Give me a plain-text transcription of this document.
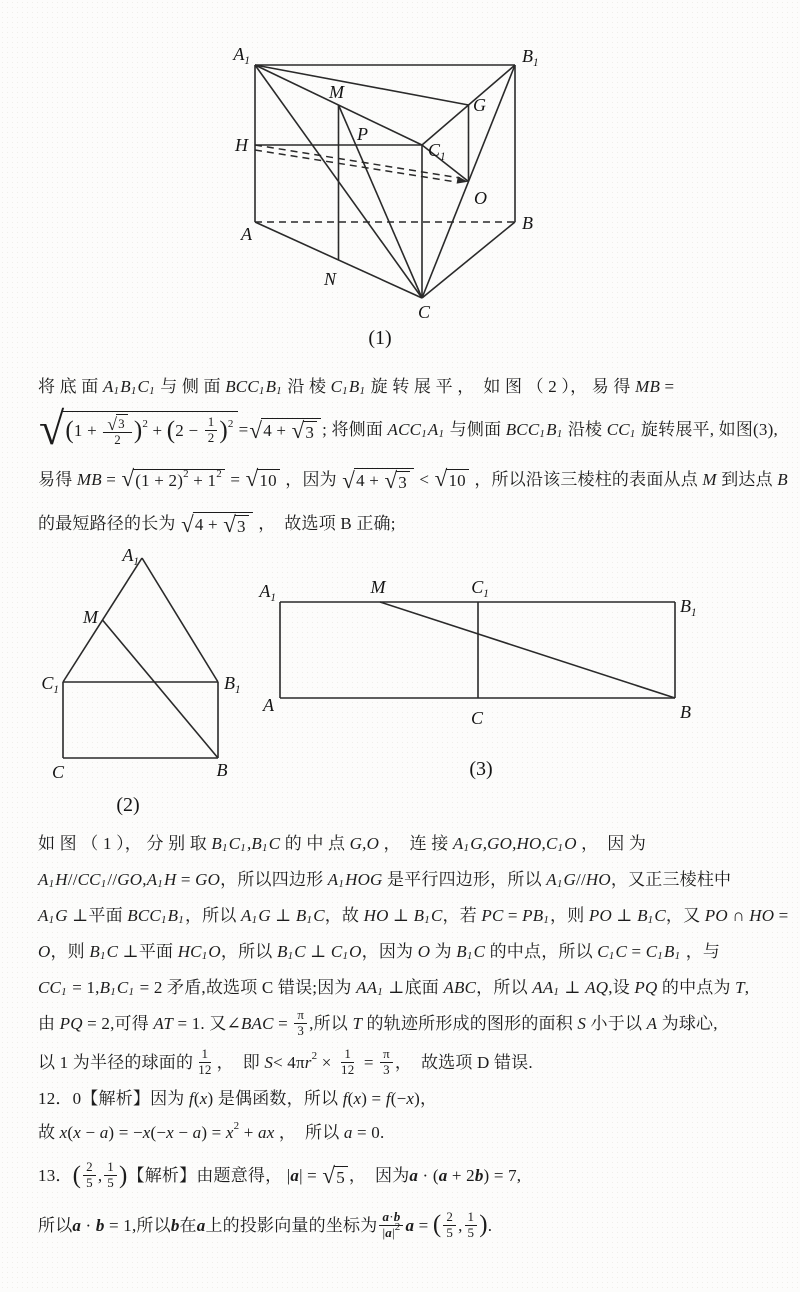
$A_1$	$B_1$
M
G
H
P
$C_1$
O
B
A
N
C
(1)
将 底 面 A 1 B 1 C 1 与 侧 面 BCC 1 B 1 沿 棱 C 1 B 1 旋 转 展 平 ，  如 图 （ 2 ）， 易 得 MB =
√ ( $1 + \frac{√ 3}{2}$ ) 2 + ( $2 - \frac{1}{2}$ ) 2 = √ 4 + √ 3 ; 将侧面 ACC 1 A 1 与侧面 BCC 1 B 1 沿棱 CC 1 旋转展平, 如图(3),
易得 MB = √ (1 + 2) 2 + 1 2 = √ 10 ，因为 √ 4 + √ 3 < √ 10 ，所以沿该三棱柱的表面从点 M 到达点 B
的最短路径的长为 √ 4 + √ 3 ，  故选项 B 正确;
$A_1$
M
$C_1$	$B_1$
C	B
(2)
$A_1$
M	$C_1$
$B_1$
A
C	B
(3)
如 图 （ 1 ）， 分 别 取 B 1 C 1 ,B 1 C 的 中 点 G,O ，  连 接 A 1 G,GO,HO,C 1 O ，  因 为
A 1 H // CC 1 // GO , A 1 H = GO ，所以四边形 A 1 HOG 是平行四边形，所以 A 1 G // HO ，又正三棱柱中
A 1 G ⊥平面 BCC 1 B 1 ，所以 A 1 G ⊥ B 1 C ，故 HO ⊥ B 1 C ，若 PC = PB 1 ，则 PO ⊥ B 1 C ，又 PO ∩ HO =
O ，则 B 1 C ⊥平面 HC 1 O ，所以 B 1 C ⊥ C 1 O ，因为 O 为 B 1 C 的中点，所以 C 1 C = C 1 B 1 ，与
CC 1 = 1, B 1 C 1 = 2 矛盾,故选项 C 错误;因为 AA 1 ⊥底面 ABC ，所以 AA 1 ⊥ AQ ,设 PQ 的中点为 T ,
由 PQ = 2,可得 AT = 1. 又∠ BAC = $\frac{\pi}{3}$ ,所以 T 的轨迹所形成的图形的面积 S 小于以 A 为球心,
以 1 为半径的球面的 $\frac{1}{12}$ ，  即 S < 4π r $2 \times \frac{1}{12} = \frac{\pi}{3}$ ，  故选项 D 错误.
12．0【解析】因为 f ( x ) 是偶函数，所以 f ( x ) = f (− x )，
故 x ( x − a ) = − x (− x − a ) = x 2 + ax ，  所以 a = 0.
13． ( $\frac{2}{5}$ , $\frac{1}{5}$ ) 【解析】由题意得， | a | = √ 5 ，  因为 a · ( a + 2 b ) = 7,
所以 a · b = 1,所以 b 在 a 上的投影向量的坐标为 $\frac{a \cdot b}{| a | 2}$ a = ( $\frac{2}{5}$ , $\frac{1}{5}$ ) .
